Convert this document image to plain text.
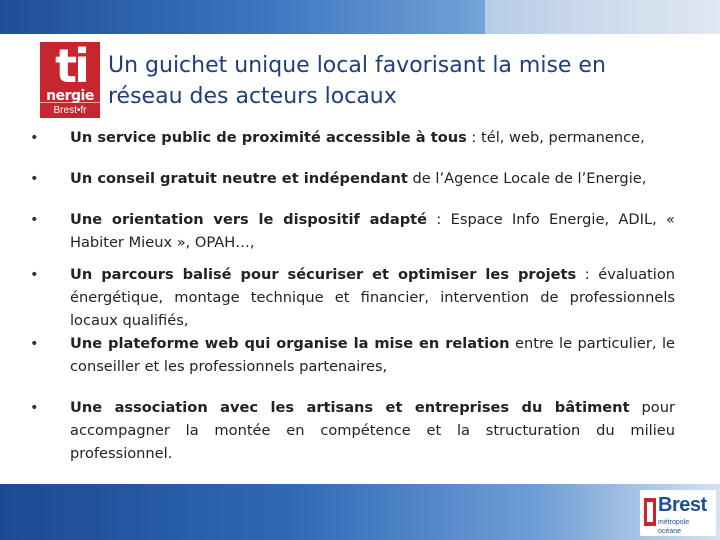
ti
nergie
Brest•fr
Un guichet unique local favorisant la mise en réseau des acteurs locaux
•	Un service public de proximité accessible à tous : tél, web, permanence,
•	Un conseil gratuit neutre et indépendant de l’Agence Locale de l’Energie,
•	Une orientation vers le dispositif adapté : Espace Info Energie, ADIL, « Habiter Mieux », OPAH…,
•	Un parcours balisé pour sécuriser et optimiser les projets : évaluation énergétique, montage technique et financier, intervention de professionnels locaux qualifiés,
•	Une plateforme web qui organise la mise en relation entre le particulier, le conseiller et les professionnels partenaires,
•	Une association avec les artisans et entreprises du bâtiment pour accompagner la montée en compétence et la structuration du milieu professionnel.
Brest
métropole océane
